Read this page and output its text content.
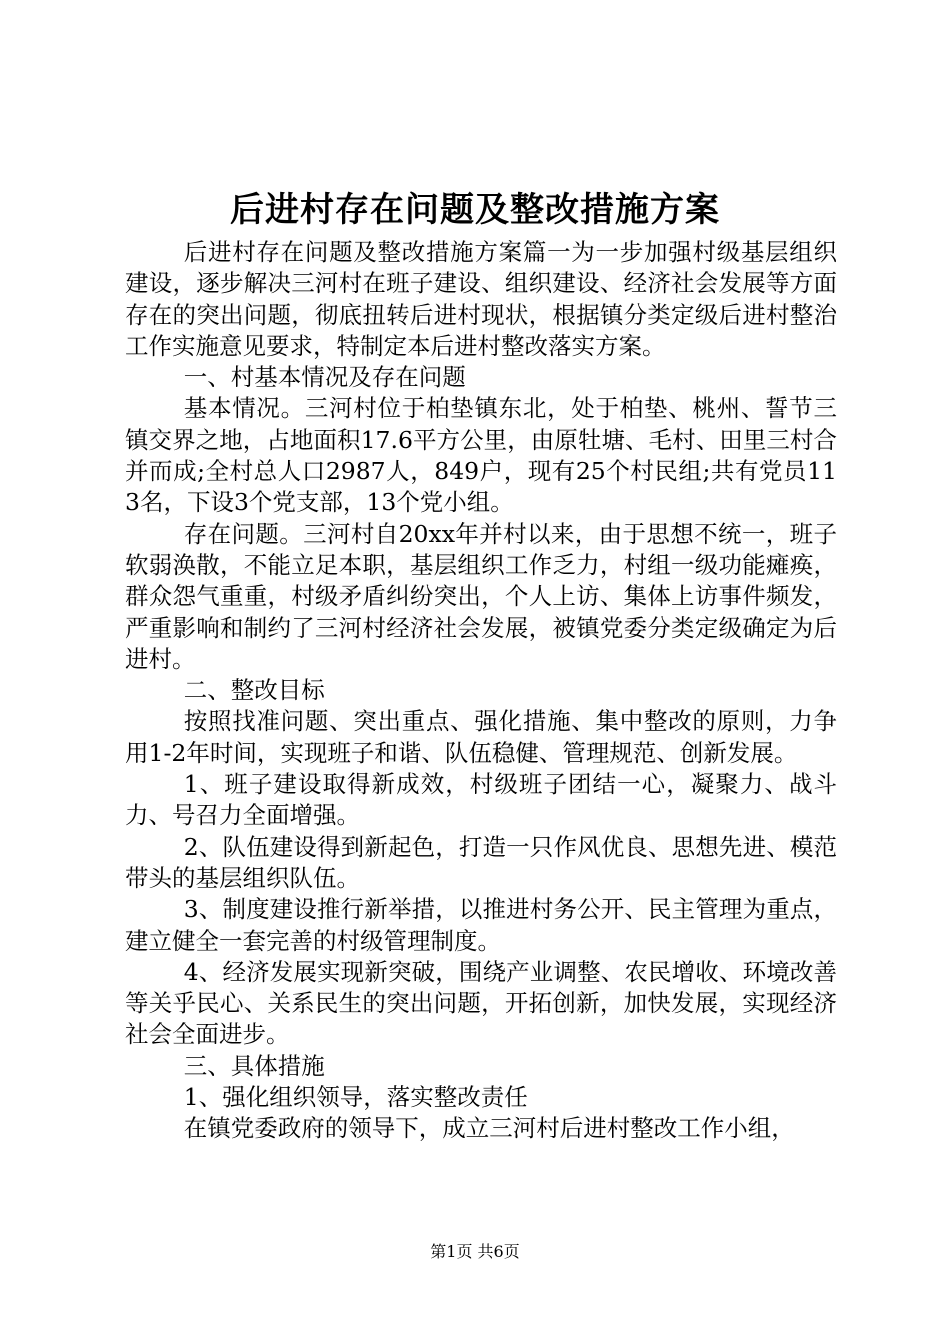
后进村存在问题及整改措施方案

后进村存在问题及整改措施方案篇一为一步加强村级基层组织建设，逐步解决三河村在班子建设、组织建设、经济社会发展等方面存在的突出问题，彻底扭转后进村现状，根据镇分类定级后进村整治工作实施意见要求，特制定本后进村整改落实方案。

一、村基本情况及存在问题

基本情况。三河村位于柏垫镇东北，处于柏垫、桃州、誓节三镇交界之地，占地面积17.6平方公里，由原牡塘、毛村、田里三村合并而成;全村总人口2987人，849户，现有25个村民组;共有党员113名，下设3个党支部，13个党小组。

存在问题。三河村自20xx年并村以来，由于思想不统一，班子软弱涣散，不能立足本职，基层组织工作乏力，村组一级功能瘫痪，群众怨气重重，村级矛盾纠纷突出，个人上访、集体上访事件频发，严重影响和制约了三河村经济社会发展，被镇党委分类定级确定为后进村。

二、整改目标

按照找准问题、突出重点、强化措施、集中整改的原则，力争用1-2年时间，实现班子和谐、队伍稳健、管理规范、创新发展。

1、班子建设取得新成效，村级班子团结一心，凝聚力、战斗力、号召力全面增强。

2、队伍建设得到新起色，打造一只作风优良、思想先进、模范带头的基层组织队伍。

3、制度建设推行新举措，以推进村务公开、民主管理为重点，建立健全一套完善的村级管理制度。

4、经济发展实现新突破，围绕产业调整、农民增收、环境改善等关乎民心、关系民生的突出问题，开拓创新，加快发展，实现经济社会全面进步。

三、具体措施

1、强化组织领导，落实整改责任

在镇党委政府的领导下，成立三河村后进村整改工作小组，

第1页 共6页
